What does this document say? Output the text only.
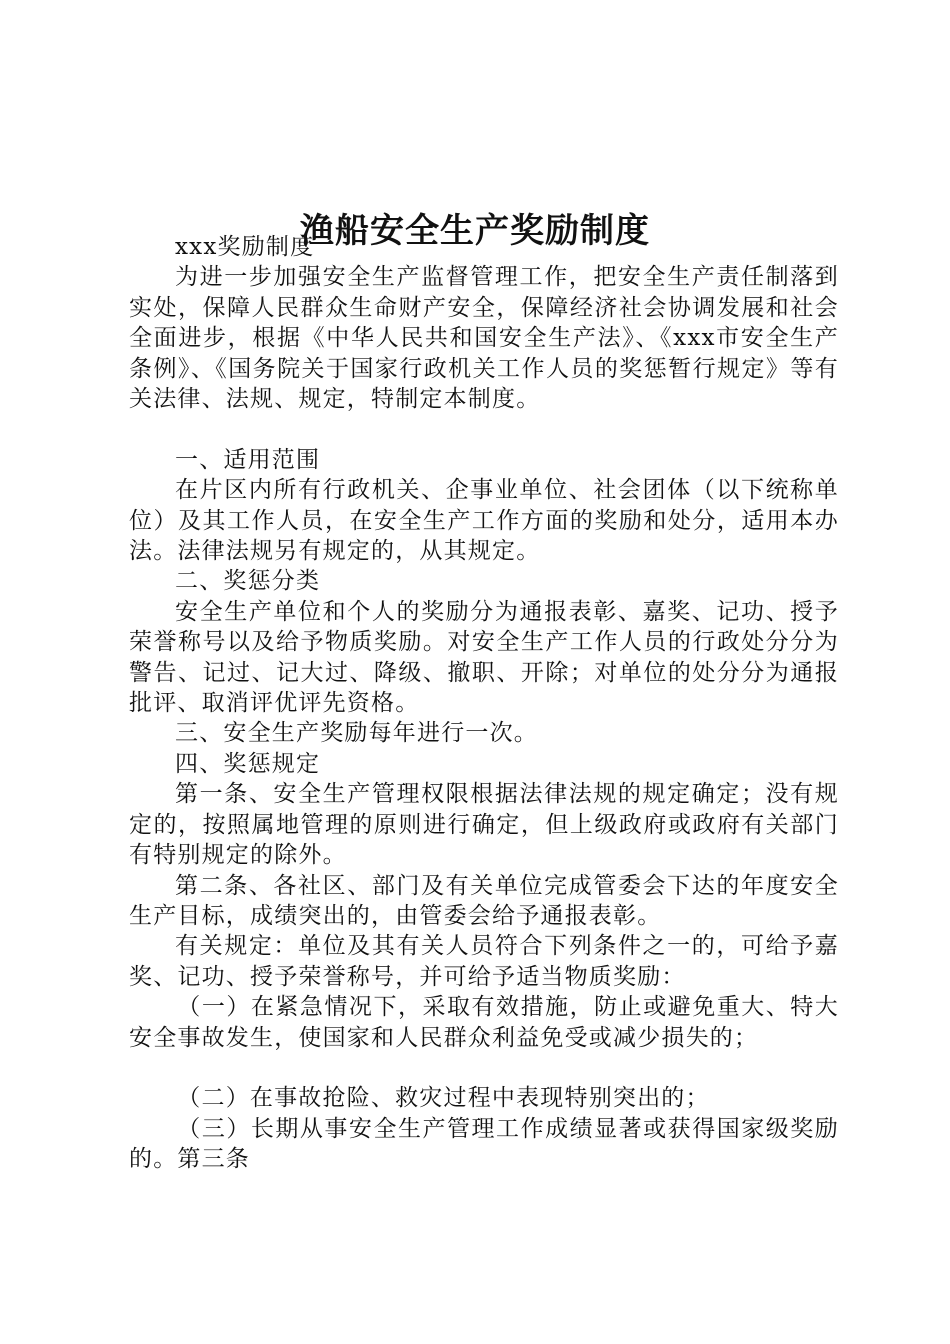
渔船安全生产奖励制度

xxx奖励制度

为进一步加强安全生产监督管理工作，把安全生产责任制落到实处，保障人民群众生命财产安全，保障经济社会协调发展和社会全面进步，根据《中华人民共和国安全生产法》、《xxx市安全生产条例》、《国务院关于国家行政机关工作人员的奖惩暂行规定》等有关法律、法规、规定，特制定本制度。

一、适用范围

在片区内所有行政机关、企事业单位、社会团体（以下统称单位）及其工作人员，在安全生产工作方面的奖励和处分，适用本办法。法律法规另有规定的，从其规定。

二、奖惩分类

安全生产单位和个人的奖励分为通报表彰、嘉奖、记功、授予荣誉称号以及给予物质奖励。对安全生产工作人员的行政处分分为警告、记过、记大过、降级、撤职、开除；对单位的处分分为通报批评、取消评优评先资格。

三、安全生产奖励每年进行一次。

四、奖惩规定

第一条、安全生产管理权限根据法律法规的规定确定；没有规定的，按照属地管理的原则进行确定，但上级政府或政府有关部门有特别规定的除外。

第二条、各社区、部门及有关单位完成管委会下达的年度安全生产目标，成绩突出的，由管委会给予通报表彰。

有关规定：单位及其有关人员符合下列条件之一的，可给予嘉奖、记功、授予荣誉称号，并可给予适当物质奖励：

（一）在紧急情况下，采取有效措施，防止或避免重大、特大安全事故发生，使国家和人民群众利益免受或减少损失的；

（二）在事故抢险、救灾过程中表现特别突出的；

（三）长期从事安全生产管理工作成绩显著或获得国家级奖励的。第三条
